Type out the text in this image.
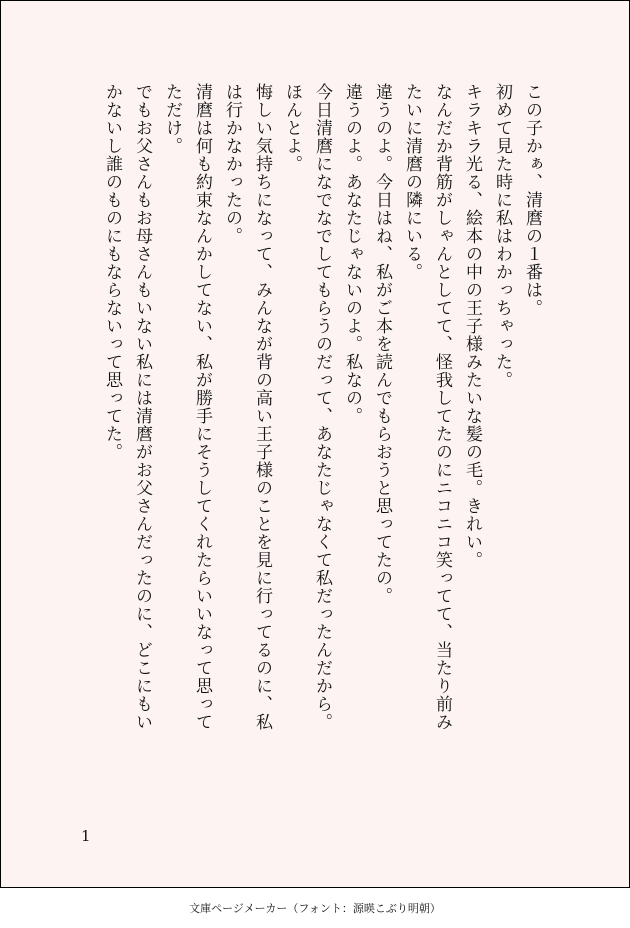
この子かぁ、清麿の１番は。
初めて見た時に私はわかっちゃった。
キラキラ光る、絵本の中の王子様みたいな髪の毛。きれい。
なんだか背筋がしゃんとしてて、怪我してたのにニコニコ笑ってて、当たり前み
たいに清麿の隣にいる。
違うのよ。今日はね、私がご本を読んでもらおうと思ってたの。
違うのよ。あなたじゃないのよ。私なの。
今日清麿になでなでしてもらうのだって、あなたじゃなくて私だったんだから。
ほんとよ。
悔しい気持ちになって、みんなが背の高い王子様のことを見に行ってるのに、私
は行かなかったの。
清麿は何も約束なんかしてない、私が勝手にそうしてくれたらいいなって思って
ただけ。
でもお父さんもお母さんもいない私には清麿がお父さんだったのに、どこにもい
かないし誰のものにもならないって思ってた。
1
文庫ページメーカー（フォント：源暎こぶり明朝）
